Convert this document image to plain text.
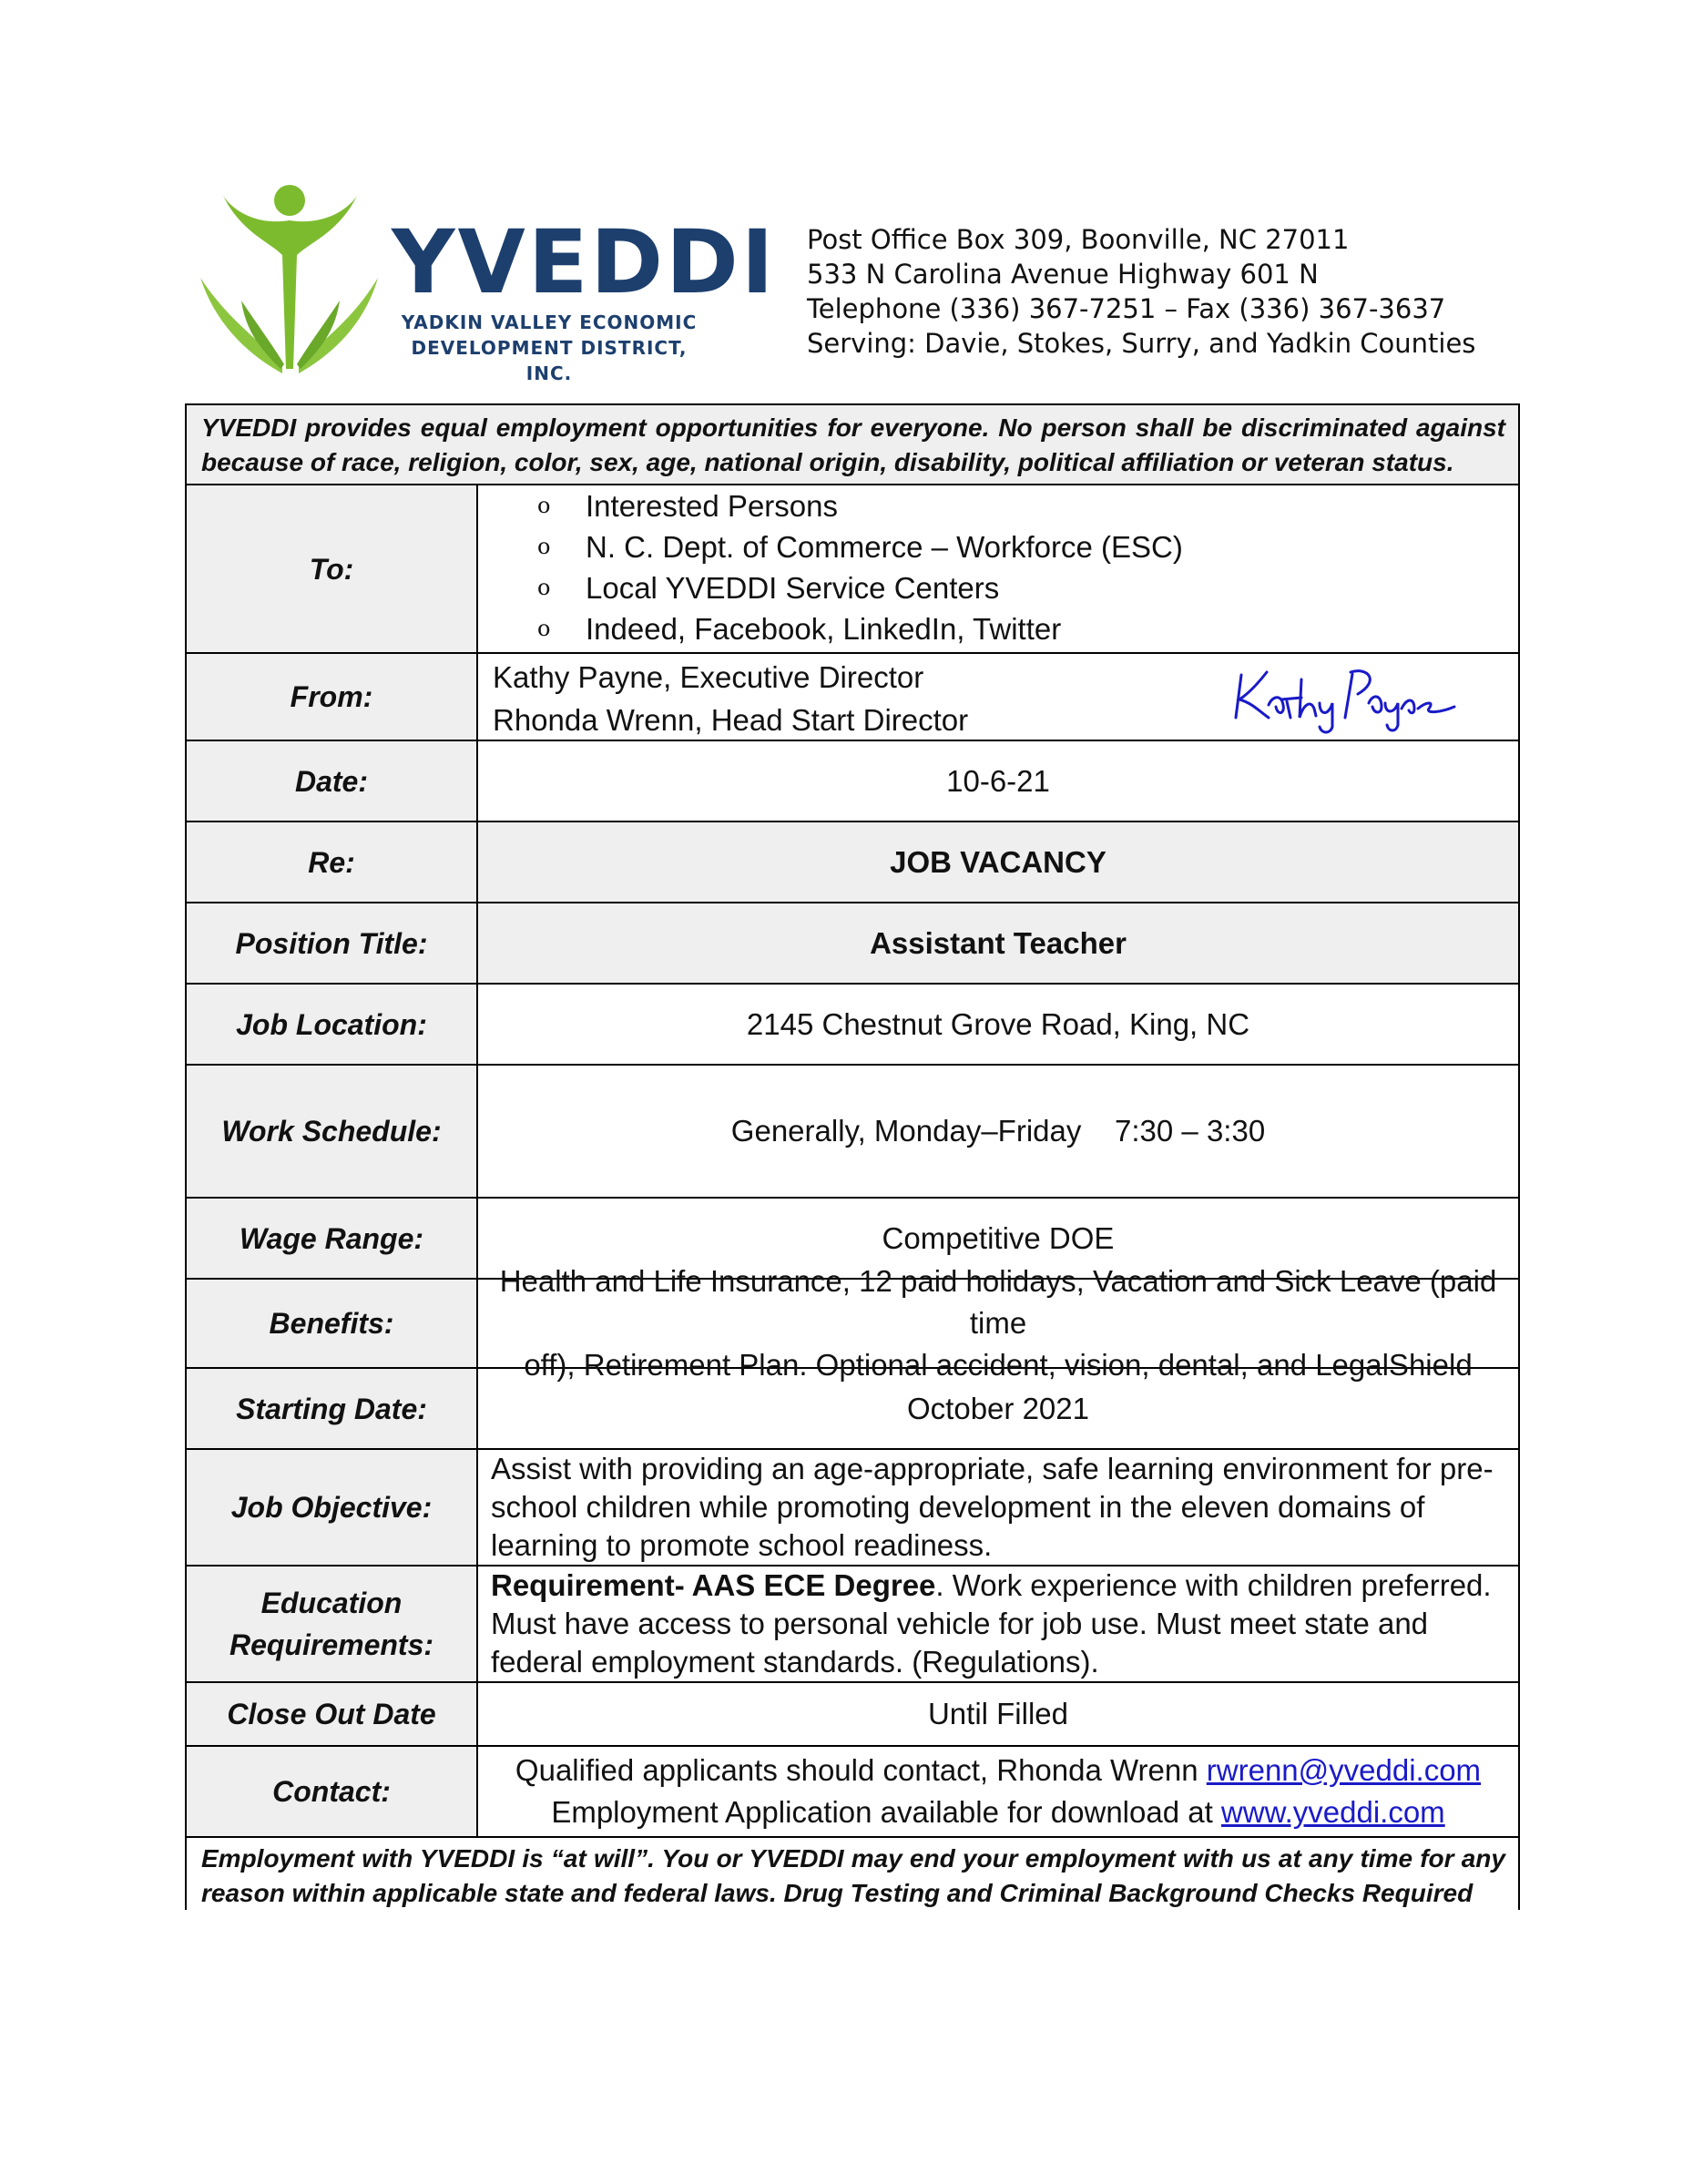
YVEDDI
YADKIN VALLEY ECONOMIC
DEVELOPMENT DISTRICT, INC.
Post Office Box 309, Boonville, NC 27011
533 N Carolina Avenue Highway 601 N
Telephone (336) 367-7251 – Fax (336) 367-3637
Serving: Davie, Stokes, Surry, and Yadkin Counties
YVEDDI provides equal employment opportunities for everyone. No person shall be discriminated against
because of race, religion, color, sex, age, national origin, disability, political affiliation or veteran status.
To:
o Interested Persons
o N. C. Dept. of Commerce – Workforce (ESC)
o Local YVEDDI Service Centers
o Indeed, Facebook, LinkedIn, Twitter
From:
Kathy Payne, Executive Director
Rhonda Wrenn, Head Start Director
Date:	10-6-21
Re:	JOB VACANCY
Position Title:	Assistant Teacher
Job Location:	2145 Chestnut Grove Road, King, NC
Work Schedule:	Generally, Monday–Friday    7:30 – 3:30
Wage Range:	Competitive DOE
Benefits:
Health and Life Insurance, 12 paid holidays, Vacation and Sick Leave (paid time
off), Retirement Plan. Optional accident, vision, dental, and LegalShield
Starting Date:	October 2021
Job Objective:
Assist with providing an age-appropriate, safe learning environment for pre-school children while promoting development in the eleven domains of learning to promote school readiness.
Education
Requirements:
Requirement- AAS ECE Degree. Work experience with children preferred. Must have access to personal vehicle for job use. Must meet state and federal employment standards. (Regulations).
Close Out Date	Until Filled
Contact:
Qualified applicants should contact, Rhonda Wrenn rwrenn@yveddi.com
Employment Application available for download at www.yveddi.com
Employment with YVEDDI is “at will”. You or YVEDDI may end your employment with us at any time for any
reason within applicable state and federal laws. Drug Testing and Criminal Background Checks Required
